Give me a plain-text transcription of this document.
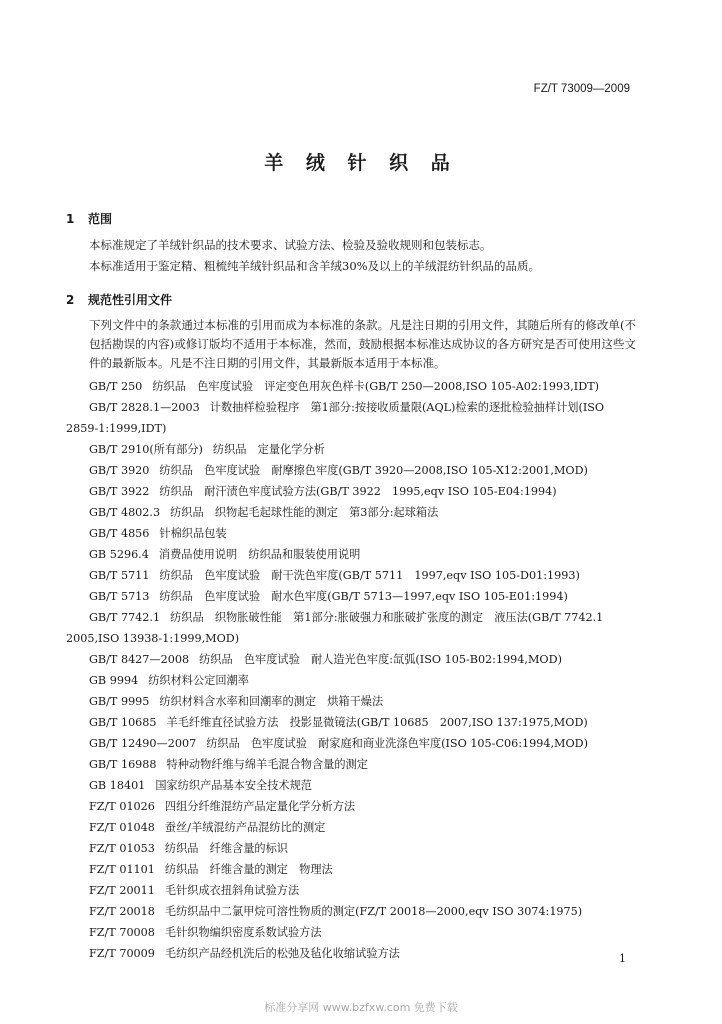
FZ/T 73009—2009
羊 绒 针 织 品
1 范围
本标准规定了羊绒针织品的技术要求、试验方法、检验及验收规则和包装标志。
本标准适用于鉴定精、粗梳纯羊绒针织品和含羊绒30%及以上的羊绒混纺针织品的品质。
2 规范性引用文件
下列文件中的条款通过本标准的引用而成为本标准的条款。凡是注日期的引用文件，其随后所有的修改单(不包括勘误的内容)或修订版均不适用于本标准，然而，鼓励根据本标准达成协议的各方研究是否可使用这些文件的最新版本。凡是不注日期的引用文件，其最新版本适用于本标准。
GB/T 250 纺织品　色牢度试验　评定变色用灰色样卡(GB/T 250—2008,ISO 105-A02:1993,IDT)
GB/T 2828.1—2003 计数抽样检验程序　第1部分:按接收质量限(AQL)检索的逐批检验抽样计划(ISO 2859-1:1999,IDT)
GB/T 2910(所有部分) 纺织品　定量化学分析
GB/T 3920 纺织品　色牢度试验　耐摩擦色牢度(GB/T 3920—2008,ISO 105-X12:2001,MOD)
GB/T 3922 纺织品　耐汗渍色牢度试验方法(GB/T 3922　1995,eqv ISO 105-E04:1994)
GB/T 4802.3 纺织品　织物起毛起球性能的测定　第3部分:起球箱法
GB/T 4856 针棉织品包装
GB 5296.4 消费品使用说明　纺织品和服装使用说明
GB/T 5711 纺织品　色牢度试验　耐干洗色牢度(GB/T 5711　1997,eqv ISO 105-D01:1993)
GB/T 5713 纺织品　色牢度试验　耐水色牢度(GB/T 5713—1997,eqv ISO 105-E01:1994)
GB/T 7742.1 纺织品　织物胀破性能　第1部分:胀破强力和胀破扩张度的测定　液压法(GB/T 7742.1　2005,ISO 13938-1:1999,MOD)
GB/T 8427—2008 纺织品　色牢度试验　耐人造光色牢度:氙弧(ISO 105-B02:1994,MOD)
GB 9994 纺织材料公定回潮率
GB/T 9995 纺织材料含水率和回潮率的测定　烘箱干燥法
GB/T 10685 羊毛纤维直径试验方法　投影显微镜法(GB/T 10685　2007,ISO 137:1975,MOD)
GB/T 12490—2007 纺织品　色牢度试验　耐家庭和商业洗涤色牢度(ISO 105-C06:1994,MOD)
GB/T 16988 特种动物纤维与绵羊毛混合物含量的测定
GB 18401 国家纺织产品基本安全技术规范
FZ/T 01026 四组分纤维混纺产品定量化学分析方法
FZ/T 01048 蚕丝/羊绒混纺产品混纺比的测定
FZ/T 01053 纺织品　纤维含量的标识
FZ/T 01101 纺织品　纤维含量的测定　物理法
FZ/T 20011 毛针织成衣扭斜角试验方法
FZ/T 20018 毛纺织品中二氯甲烷可溶性物质的测定(FZ/T 20018—2000,eqv ISO 3074:1975)
FZ/T 70008 毛针织物编织密度系数试验方法
FZ/T 70009 毛纺织产品经机洗后的松弛及毡化收缩试验方法	1
标准分享网 www.bzfxw.com 免费下载
